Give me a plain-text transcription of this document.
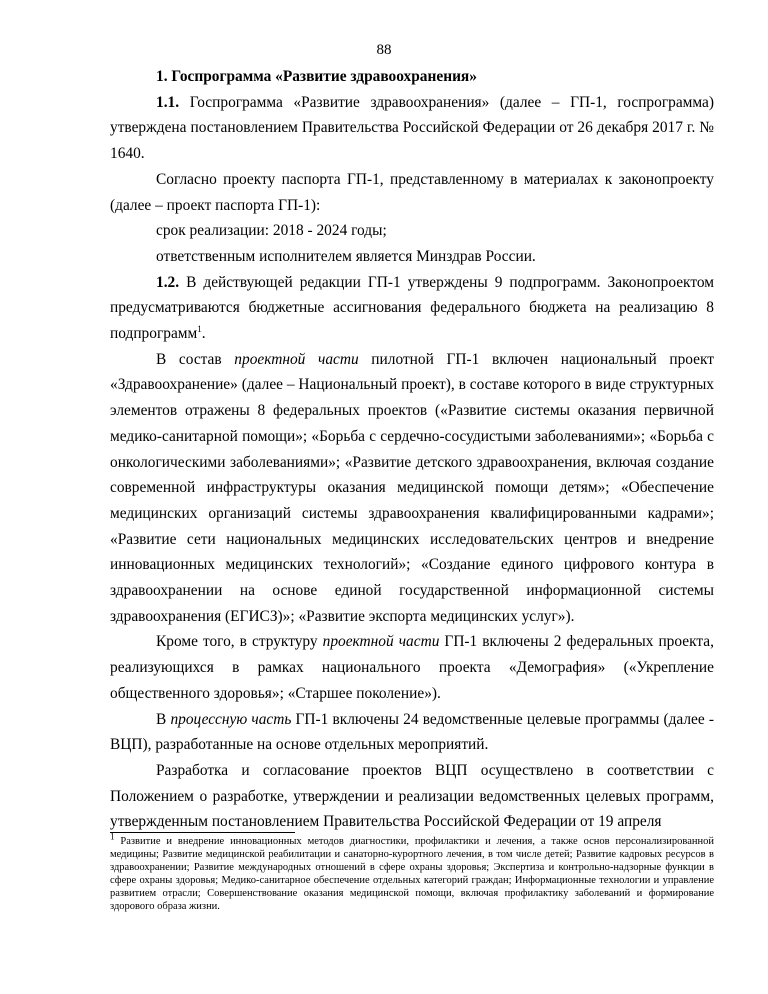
88

1. Госпрограмма «Развитие здравоохранения»

1.1. Госпрограмма «Развитие здравоохранения» (далее – ГП-1, госпрограмма) утверждена постановлением Правительства Российской Федерации от 26 декабря 2017 г. № 1640.

Согласно проекту паспорта ГП-1, представленному в материалах к законопроекту (далее – проект паспорта ГП-1):

срок реализации: 2018 - 2024 годы;

ответственным исполнителем является Минздрав России.

1.2. В действующей редакции ГП-1 утверждены 9 подпрограмм. Законопроектом предусматриваются бюджетные ассигнования федерального бюджета на реализацию 8 подпрограмм$^1$.

В состав проектной части пилотной ГП-1 включен национальный проект «Здравоохранение» (далее – Национальный проект), в составе которого в виде структурных элементов отражены 8 федеральных проектов («Развитие системы оказания первичной медико-санитарной помощи»; «Борьба с сердечно-сосудистыми заболеваниями»; «Борьба с онкологическими заболеваниями»; «Развитие детского здравоохранения, включая создание современной инфраструктуры оказания медицинской помощи детям»; «Обеспечение медицинских организаций системы здравоохранения квалифицированными кадрами»; «Развитие сети национальных медицинских исследовательских центров и внедрение инновационных медицинских технологий»; «Создание единого цифрового контура в здравоохранении на основе единой государственной информационной системы здравоохранения (ЕГИСЗ)»; «Развитие экспорта медицинских услуг»).

Кроме того, в структуру проектной части ГП-1 включены 2 федеральных проекта, реализующихся в рамках национального проекта «Демография» («Укрепление общественного здоровья»; «Старшее поколение»).

В процессную часть ГП-1 включены 24 ведомственные целевые программы (далее - ВЦП), разработанные на основе отдельных мероприятий.

Разработка и согласование проектов ВЦП осуществлено в соответствии с Положением о разработке, утверждении и реализации ведомственных целевых программ, утвержденным постановлением Правительства Российской Федерации от 19 апреля

$^1$ Развитие и внедрение инновационных методов диагностики, профилактики и лечения, а также основ персонализированной медицины; Развитие медицинской реабилитации и санаторно-курортного лечения, в том числе детей; Развитие кадровых ресурсов в здравоохранении; Развитие международных отношений в сфере охраны здоровья; Экспертиза и контрольно-надзорные функции в сфере охраны здоровья; Медико-санитарное обеспечение отдельных категорий граждан; Информационные технологии и управление развитием отрасли; Совершенствование оказания медицинской помощи, включая профилактику заболеваний и формирование здорового образа жизни.
